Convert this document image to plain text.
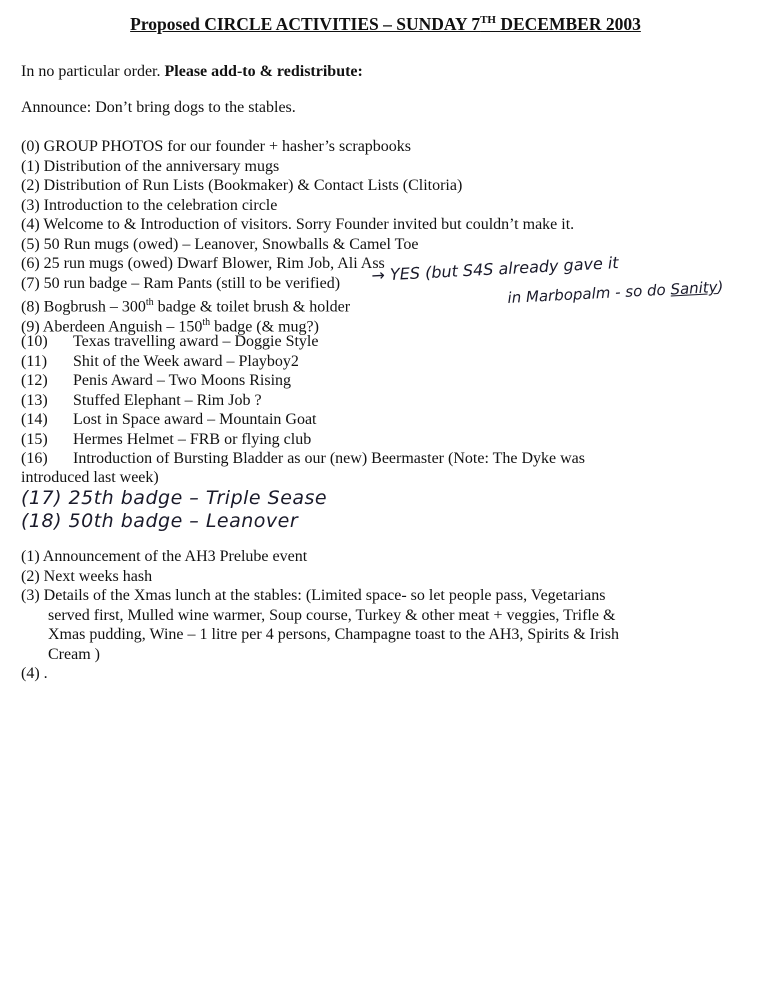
Proposed CIRCLE ACTIVITIES – SUNDAY 7TH DECEMBER 2003
In no particular order. Please add-to & redistribute:
Announce: Don’t bring dogs to the stables.
(0) GROUP PHOTOS for our founder + hasher’s scrapbooks
(1) Distribution of the anniversary mugs
(2) Distribution of Run Lists (Bookmaker) & Contact Lists (Clitoria)
(3) Introduction to the celebration circle
(4) Welcome to & Introduction of visitors. Sorry Founder invited but couldn’t make it.
(5) 50 Run mugs (owed) – Leanover, Snowballs & Camel Toe
(6) 25 run mugs (owed) Dwarf Blower, Rim Job, Ali Ass
(7) 50 run badge – Ram Pants (still to be verified)
(8) Bogbrush – 300th badge & toilet brush & holder
(9) Aberdeen Anguish – 150th badge (& mug?)
(10) Texas travelling award – Doggie Style
(11) Shit of the Week award – Playboy2
(12) Penis Award – Two Moons Rising
(13) Stuffed Elephant – Rim Job ?
(14) Lost in Space award – Mountain Goat
(15) Hermes Helmet – FRB or flying club
(16) Introduction of Bursting Bladder as our (new) Beermaster (Note: The Dyke was
introduced last week)
→ YES (but S4S already gave it
in Marbopalm - so do Sanity)
(17) 25th badge – Triple Sease
(18) 50th badge – Leanover
(1) Announcement of the AH3 Prelube event
(2) Next weeks hash
(3) Details of the Xmas lunch at the stables: (Limited space- so let people pass, Vegetarians
served first, Mulled wine warmer, Soup course, Turkey & other meat + veggies, Trifle &
Xmas pudding, Wine – 1 litre per 4 persons, Champagne toast to the AH3, Spirits & Irish
Cream )
(4) .
